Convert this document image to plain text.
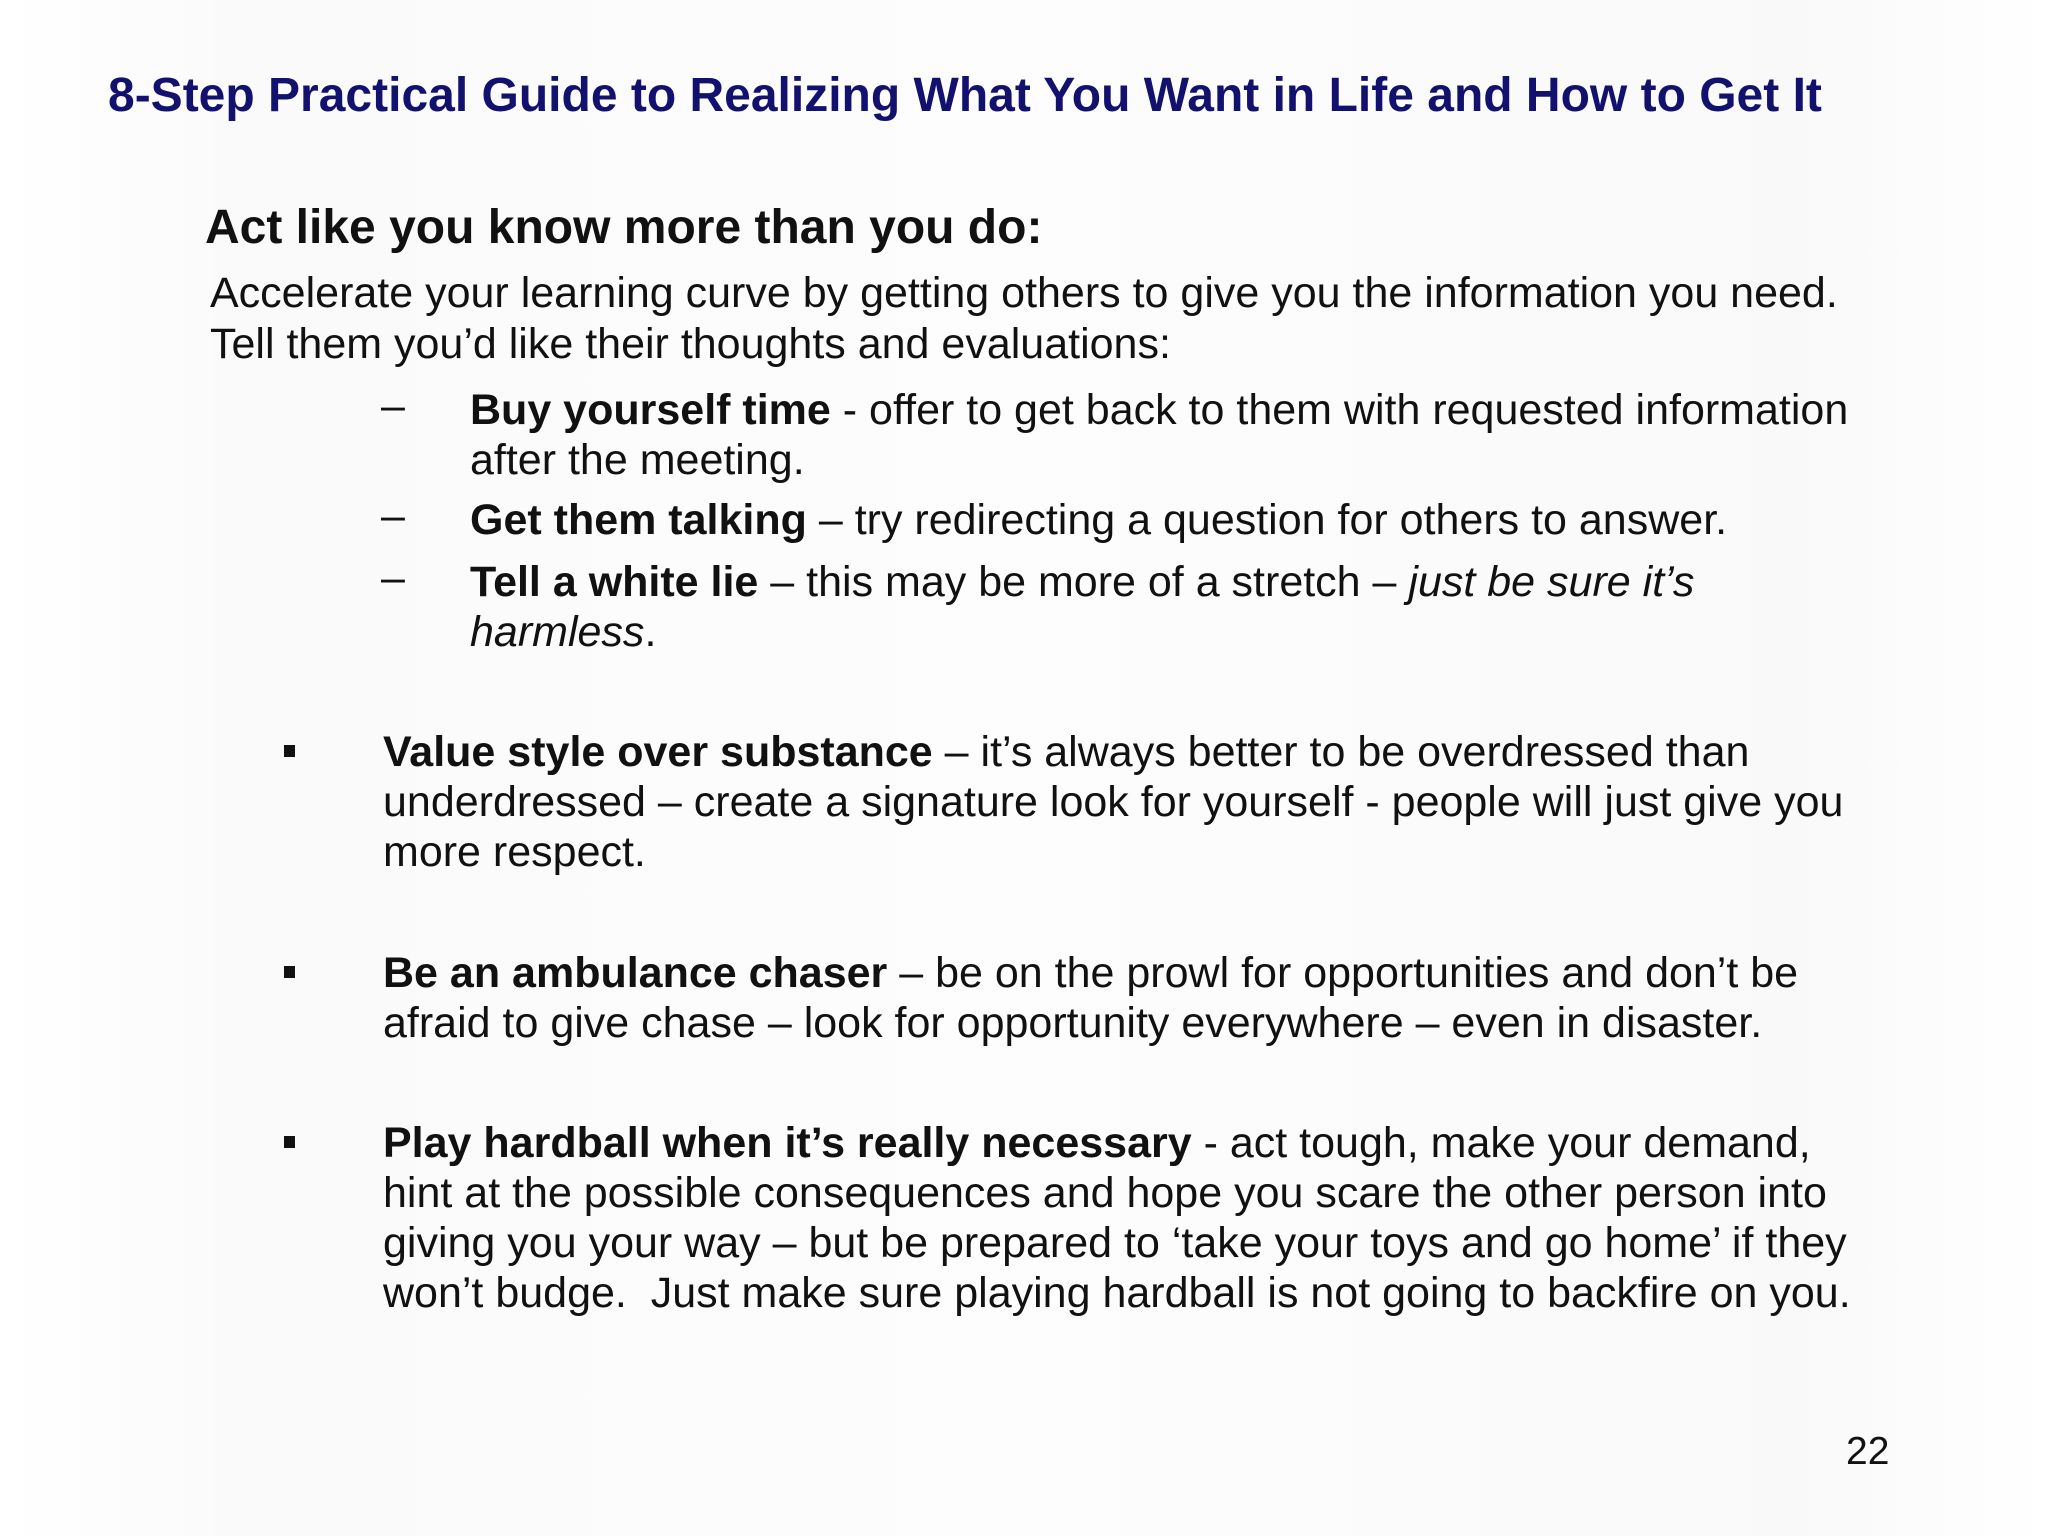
8-Step Practical Guide to Realizing What You Want in Life and How to Get It
Act like you know more than you do:

Accelerate your learning curve by getting others to give you the information you need.
Tell them you’d like their thoughts and evaluations:

– Buy yourself time - offer to get back to them with requested information
after the meeting.
– Get them talking – try redirecting a question for others to answer.
– Tell a white lie – this may be more of a stretch – just be sure it’s
harmless.
Value style over substance – it’s always better to be overdressed than
underdressed – create a signature look for yourself - people will just give you
more respect.
Be an ambulance chaser – be on the prowl for opportunities and don’t be
afraid to give chase – look for opportunity everywhere – even in disaster.
Play hardball when it’s really necessary - act tough, make your demand,
hint at the possible consequences and hope you scare the other person into
giving you your way – but be prepared to ‘take your toys and go home’ if they
won’t budge.  Just make sure playing hardball is not going to backfire on you.
22
